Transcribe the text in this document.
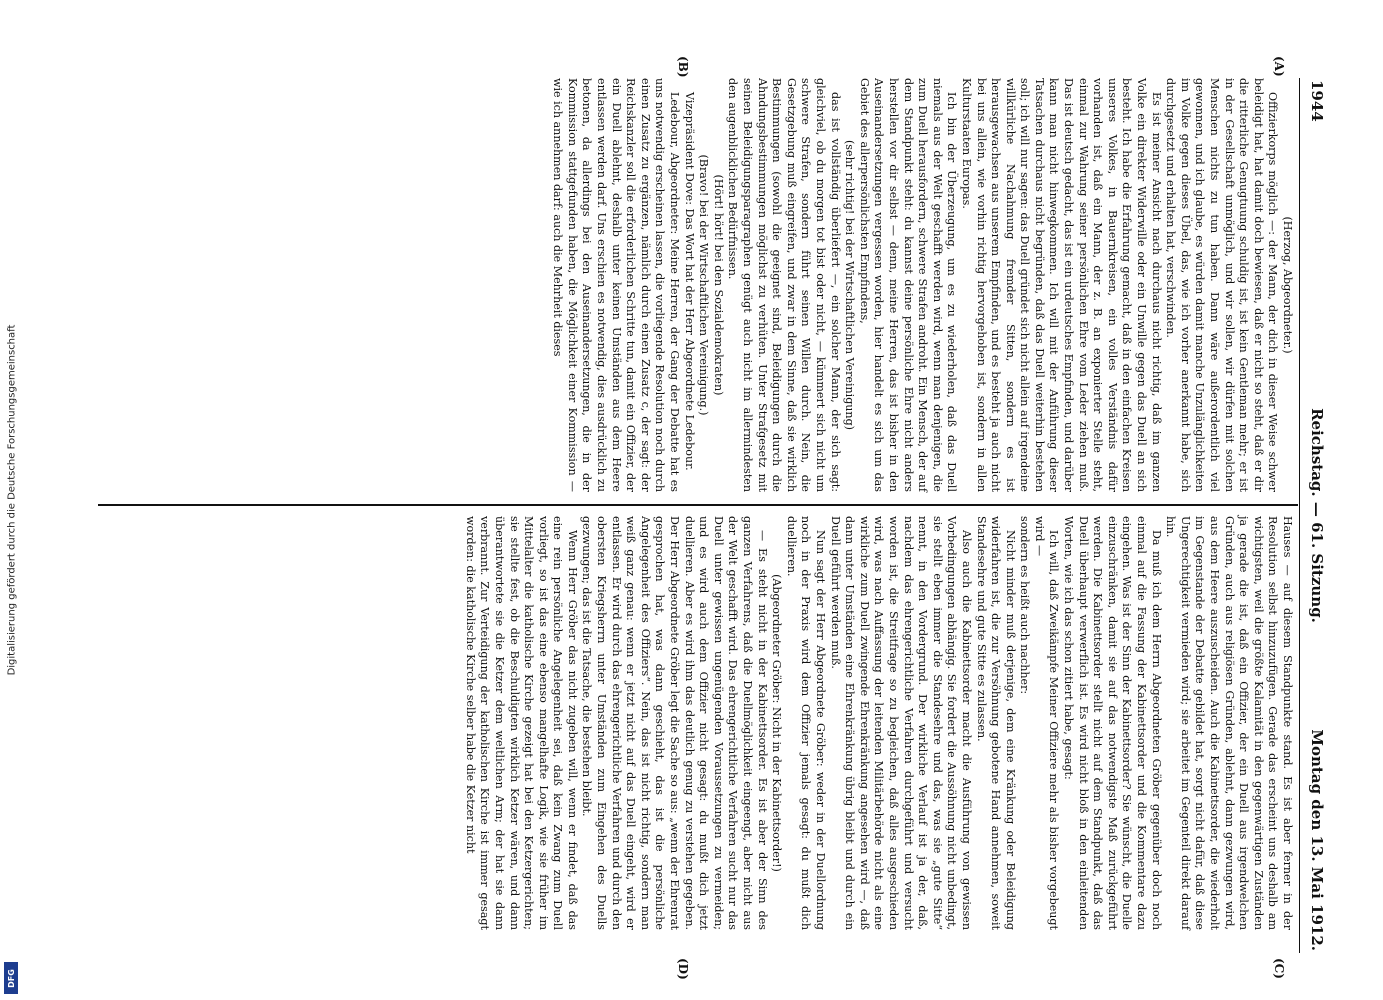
Digitalisierung gefördert durch die Deutsche Forschungsgemeinschaft
DFG
1944
Reichstag. — 61. Sitzung.
Montag den 13. Mai 1912.
(A)
(B)

(Herzog, Abgeordneter.)

Offizierkorps möglich —: der Mann, der dich in dieser Weise schwer beleidigt hat, hat damit doch bewiesen, daß er nicht so steht, daß er dir die ritterliche Genugtuung schuldig ist, ist kein Gentleman mehr; er ist in der Gesellschaft unmöglich, und wir sollen, wir dürfen mit solchen Menschen nichts zu tun haben. Dann wäre außerordentlich viel gewonnen, und ich glaube, es würden damit manche Unzulänglichkeiten im Volke gegen dieses Übel, das, wie ich vorher anerkannt habe, sich durchgesetzt und erhalten hat, verschwinden.

Es ist meiner Ansicht nach durchaus nicht richtig, daß im ganzen Volke ein direkter Widerwille oder ein Unwille gegen das Duell an sich besteht. Ich habe die Erfahrung gemacht, daß in den einfachen Kreisen unseres Volkes, in Bauernkreisen, ein volles Verständnis dafür vorhanden ist, daß ein Mann, der z. B. an exponierter Stelle steht, einmal zur Wahrung seiner persönlichen Ehre vom Leder ziehen muß. Das ist deutsch gedacht, das ist ein urdeutsches Empfinden, und darüber kann man nicht hinwegkommen. Ich will mit der Anführung dieser Tatsachen durchaus nicht begründen, daß das Duell weiterhin bestehen soll; ich will nur sagen: das Duell gründet sich nicht allein auf irgendeine willkürliche Nachahmung fremder Sitten, sondern es ist herausgewachsen aus unserem Empfinden, und es besteht ja auch nicht bei uns allein, wie vorhin richtig hervorgehoben ist, sondern in allen Kulturstaaten Europas.

Ich bin der Überzeugung, um es zu wiederholen, daß das Duell niemals aus der Welt geschafft werden wird, wenn man denjenigen, die zum Duell herausfordern, schwere Strafen androht. Ein Mensch, der auf dem Standpunkt steht: du kannst deine persönliche Ehre nicht anders herstellen vor dir selbst — denn, meine Herren, das ist bisher in den Auseinandersetzungen vergessen worden, hier handelt es sich um das Gebiet des allerpersönlichsten Empfindens,

(sehr richtig! bei der Wirtschaftlichen Vereinigung)

das ist vollständig überliefert —, ein solcher Mann, der sich sagt: gleichviel, ob du morgen tot bist oder nicht, — kümmert sich nicht um schwere Strafen, sondern führt seinen Willen durch. Nein, die Gesetzgebung muß eingreifen, und zwar in dem Sinne, daß sie wirklich Bestimmungen (sowohl die geeignet sind, Beleidigungen durch die Ahndungsbestimmungen möglichst zu verhüten. Unter Strafgesetz mit seinen Beleidigungsparagraphen genügt auch nicht im allermindesten den augenblicklichen Bedürfnissen.

(Hört! hört! bei den Sozialdemokraten)

(Bravo! bei der Wirtschaftlichen Vereinigung.)

Vizepräsident Dove: Das Wort hat der Herr Abgeordnete Ledebour.

Ledebour, Abgeordneter: Meine Herren, der Gang der Debatte hat es uns notwendig erscheinen lassen, die vorliegende Resolution noch durch einen Zusatz zu ergänzen, nämlich durch einen Zusatz c, der sagt: der Reichskanzler soll die erforderlichen Schritte tun, damit ein Offizier, der ein Duell ablehnt, deshalb unter keinen Umständen aus dem Heere entlassen werden darf. Uns erschien es notwendig, dies ausdrücklich zu betonen, da allerdings bei den Auseinandersetzungen, die in der Kommission stattgefunden haben, die Möglichkeit einer Kommission — wie ich annehmen darf: auch die Mehrheit dieses

Hauses — auf diesem Standpunkte stand. Es ist aber ferner in der Resolution selbst hinzuzufügen. Gerade das erscheint uns deshalb am wichtigsten, weil die größte Kalamität in den gegenwärtigen Zuständen ja gerade die ist, daß ein Offizier, der ein Duell aus irgendwelchen Gründen, auch aus religiösen Gründen, ablehnt, dann gezwungen wird, aus dem Heere auszuscheiden. Auch die Kabinettsorder, die wiederholt im Gegenstande der Debatte gebildet hat, sorgt nicht dafür, daß diese Ungerechtigkeit vermieden wird; sie arbeitet im Gegenteil direkt darauf hin.

Da muß ich dem Herrn Abgeordneten Gröber gegenüber doch noch einmal auf die Fassung der Kabinettsorder und die Kommentare dazu eingehen. Was ist der Sinn der Kabinettsorder? Sie wünscht, die Duelle einzuschränken, damit sie auf das notwendigste Maß zurückgeführt werden. Die Kabinettsorder stellt nicht auf dem Standpunkt, daß das Duell überhaupt verwerflich ist. Es wird nicht bloß in den einleitenden Worten, wie ich das schon zitiert habe, gesagt:

Ich will, daß Zweikämpfe Meiner Offiziere mehr als bisher vorgebeugt wird —

sondern es heißt auch nachher:

Nicht minder muß derjenige, dem eine Kränkung oder Beleidigung widerfahren ist, die zur Versöhnung gebotene Hand annehmen, soweit Standesehre und gute Sitte es zulassen.

Also auch die Kabinettsorder macht die Ausführung von gewissen Vorbedingungen abhängig. Sie fordert die Aussöhnung nicht unbedingt, sie stellt eben immer die Standesehre und das, was sie „gute Sitte“ nennt, in den Vordergrund. Der wirkliche Verlauf ist ja der, daß, nachdem das ehrengerichtliche Verfahren durchgeführt und versucht worden ist, die Streitfrage so zu begleichen, daß alles ausgeschieden wird, was nach Auffassung der leitenden Militärbehörde nicht als eine wirkliche zum Duell zwingende Ehrenkränkung angesehen wird —, daß dann unter Umständen eine Ehrenkränkung übrig bleibt und durch ein Duell geführt werden muß.

Nun sagt der Herr Abgeordnete Gröber: weder in der Duellordnung noch in der Praxis wird dem Offizier jemals gesagt: du mußt dich duellieren.

(Abgeordneter Gröber: Nicht in der Kabinettsorder!)

— Es steht nicht in der Kabinettsorder. Es ist aber der Sinn des ganzen Verfahrens, daß die Duellmöglichkeit eingeengt, aber nicht aus der Welt geschafft wird. Das ehrengerichtliche Verfahren sucht nur das Duell unter gewissen ungenügenden Voraussetzungen zu vermeiden; und es wird auch dem Offizier nicht gesagt: du mußt dich jetzt duellieren. Aber es wird ihm das deutlich genug zu verstehen gegeben. Der Herr Abgeordnete Gröber legt die Sache so aus: „wenn der Ehrenrat gesprochen hat, was dann geschieht, das ist die persönliche Angelegenheit des Offiziers“. Nein, das ist nicht richtig, sondern man weiß ganz genau: wenn er jetzt nicht auf das Duell eingeht, wird er entlassen. Er wird durch das ehrengerichtliche Verfahren und durch den obersten Kriegsherrn unter Umständen zum Eingehen des Duells gezwungen; das ist die Tatsache, die bestehen bleibt.

Wenn Herr Gröber das nicht zugeben will, wenn er findet, daß das eine rein persönliche Angelegenheit sei, daß kein Zwang zum Duell vorliegt, so ist das eine ebenso mangelhafte Logik, wie sie früher im Mittelalter die katholische Kirche gezeigt hat bei den Ketzergerichten; sie stellte fest, ob die Beschuldigten wirklich Ketzer wären, und dann überantwortete sie die Ketzer dem weltlichen Arm; der hat sie dann verbrannt. Zur Verteidigung der katholischen Kirche ist immer gesagt worden: die katholische Kirche selber habe die Ketzer nicht

(C)
(D)
